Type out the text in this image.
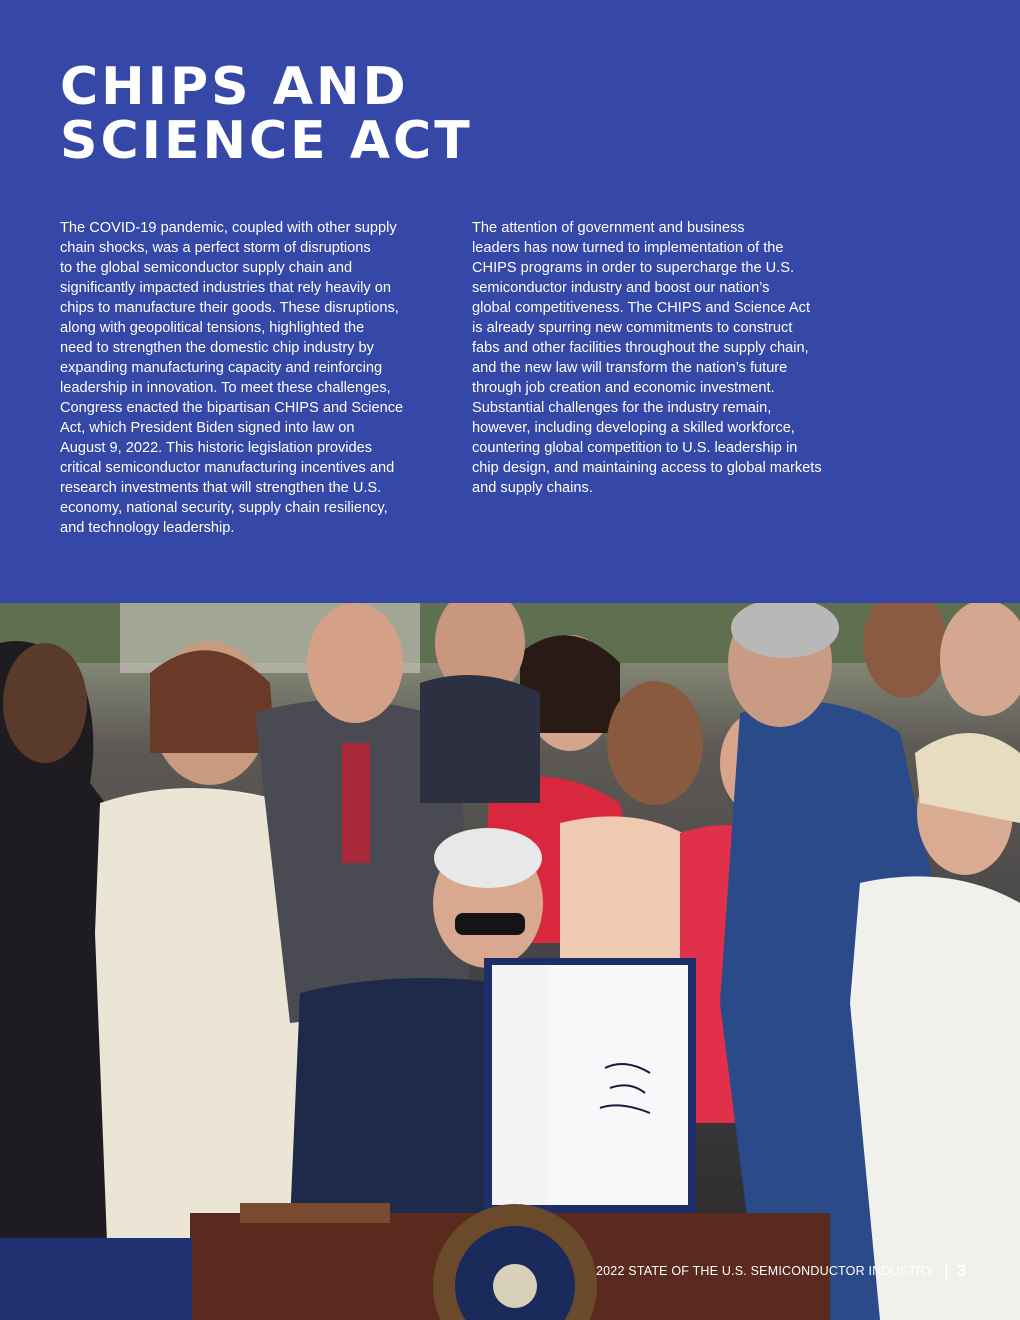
CHIPS AND
SCIENCE ACT

The COVID-19 pandemic, coupled with other supply
chain shocks, was a perfect storm of disruptions
to the global semiconductor supply chain and
significantly impacted industries that rely heavily on
chips to manufacture their goods. These disruptions,
along with geopolitical tensions, highlighted the
need to strengthen the domestic chip industry by
expanding manufacturing capacity and reinforcing
leadership in innovation. To meet these challenges,
Congress enacted the bipartisan CHIPS and Science
Act, which President Biden signed into law on
August 9, 2022. This historic legislation provides
critical semiconductor manufacturing incentives and
research investments that will strengthen the U.S.
economy, national security, supply chain resiliency,
and technology leadership.

The attention of government and business
leaders has now turned to implementation of the
CHIPS programs in order to supercharge the U.S.
semiconductor industry and boost our nation’s
global competitiveness. The CHIPS and Science Act
is already spurring new commitments to construct
fabs and other facilities throughout the supply chain,
and the new law will transform the nation’s future
through job creation and economic investment.
Substantial challenges for the industry remain,
however, including developing a skilled workforce,
countering global competition to U.S. leadership in
chip design, and maintaining access to global markets
and supply chains.

2022 STATE OF THE U.S. SEMICONDUCTOR INDUSTRY 3
